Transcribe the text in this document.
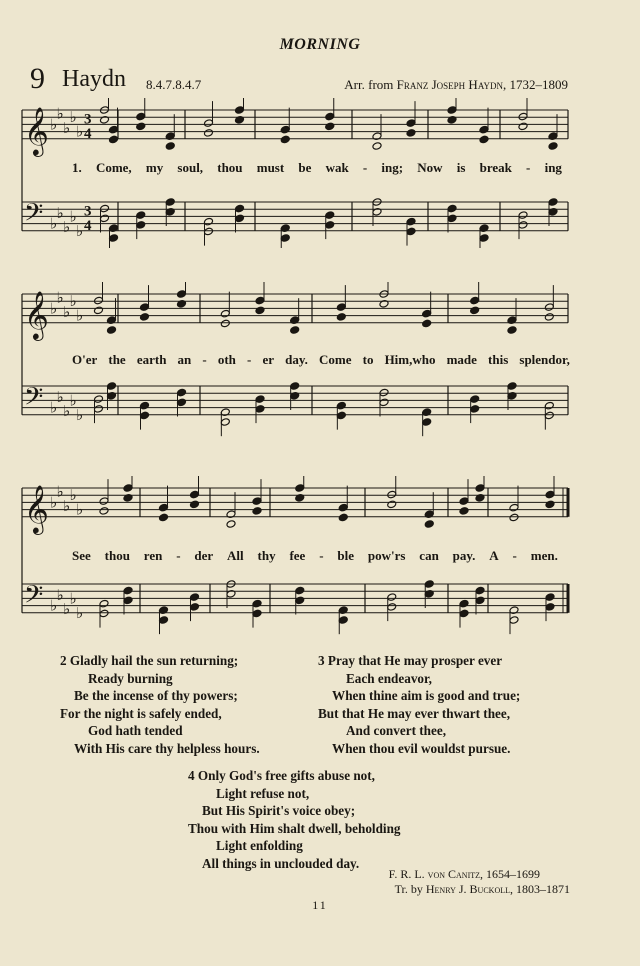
MORNING
9 Haydn 8.4.7.8.4.7	Arr. from Franz Joseph Haydn, 1732–1809
𝄞 ♭
♭
♭
♭
♭
3
4
𝄢 ♭
♭
♭
♭
♭
3
4
1. Come, my soul, thou must be wak - ing; Now is break - ing
𝄞 ♭
♭
♭
♭
♭
𝄢 ♭
♭
♭
♭
♭
O'er the earth an - oth - er day. Come to Him,who made this splendor,
𝄞 ♭
♭
♭
♭
♭
𝄢 ♭
♭
♭
♭
♭
See thou ren - der All thy fee - ble pow'rs can pay. A - men.
2 Gladly hail the sun returning;
Ready burning
Be the incense of thy powers;
For the night is safely ended,
God hath tended
With His care thy helpless hours.
3 Pray that He may prosper ever
Each endeavor,
When thine aim is good and true;
But that He may ever thwart thee,
And convert thee,
When thou evil wouldst pursue.
4 Only God's free gifts abuse not,
Light refuse not,
But His Spirit's voice obey;
Thou with Him shalt dwell, beholding
Light enfolding
All things in unclouded day.
F. R. L. von Canitz, 1654–1699
Tr. by Henry J. Buckoll, 1803–1871
11
